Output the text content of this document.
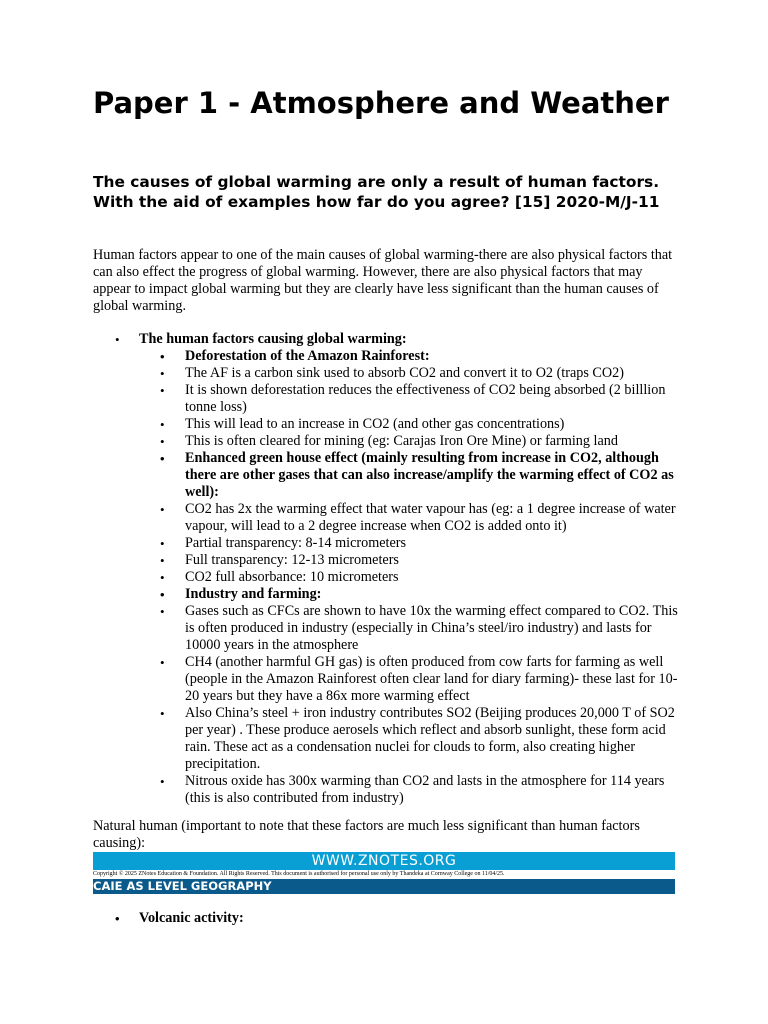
Paper 1 - Atmosphere and Weather
The causes of global warming are only a result of human factors. With the aid of examples how far do you agree? [15] 2020-M/J-11

Human factors appear to one of the main causes of global warming-there are also physical factors that can also effect the progress of global warming. However, there are also physical factors that may appear to impact global warming but they are clearly have less significant than the human causes of global warming.

• The human factors causing global warming:
• Deforestation of the Amazon Rainforest:
• The AF is a carbon sink used to absorb CO2 and convert it to O2 (traps CO2)
• It is shown deforestation reduces the effectiveness of CO2 being absorbed (2 billlion tonne loss)
• This will lead to an increase in CO2 (and other gas concentrations)
• This is often cleared for mining (eg: Carajas Iron Ore Mine) or farming land
• Enhanced green house effect (mainly resulting from increase in CO2, although there are other gases that can also increase/amplify the warming effect of CO2 as well):
• CO2 has 2x the warming effect that water vapour has (eg: a 1 degree increase of water vapour, will lead to a 2 degree increase when CO2 is added onto it)
• Partial transparency: 8-14 micrometers
• Full transparency: 12-13 micrometers
• CO2 full absorbance: 10 micrometers
• Industry and farming:
• Gases such as CFCs are shown to have 10x the warming effect compared to CO2. This is often produced in industry (especially in China’s steel/iro industry) and lasts for 10000 years in the atmosphere
• CH4 (another harmful GH gas) is often produced from cow farts for farming as well (people in the Amazon Rainforest often clear land for diary farming)- these last for 10-20 years but they have a 86x more warming effect
• Also China’s steel + iron industry contributes SO2 (Beijing produces 20,000 T of SO2 per year) . These produce aerosels which reflect and absorb sunlight, these form acid rain. These act as a condensation nuclei for clouds to form, also creating higher precipitation.
• Nitrous oxide has 300x warming than CO2 and lasts in the atmosphere for 114 years (this is also contributed from industry)

Natural human (important to note that these factors are much less significant than human factors causing):

WWW.ZNOTES.ORG
Copyright © 2025 ZNotes Education & Foundation. All Rights Reserved. This document is authorised for personal use only by Thandeka at Cornway College on 11/04/25.
CAIE AS LEVEL GEOGRAPHY
• Volcanic activity:
